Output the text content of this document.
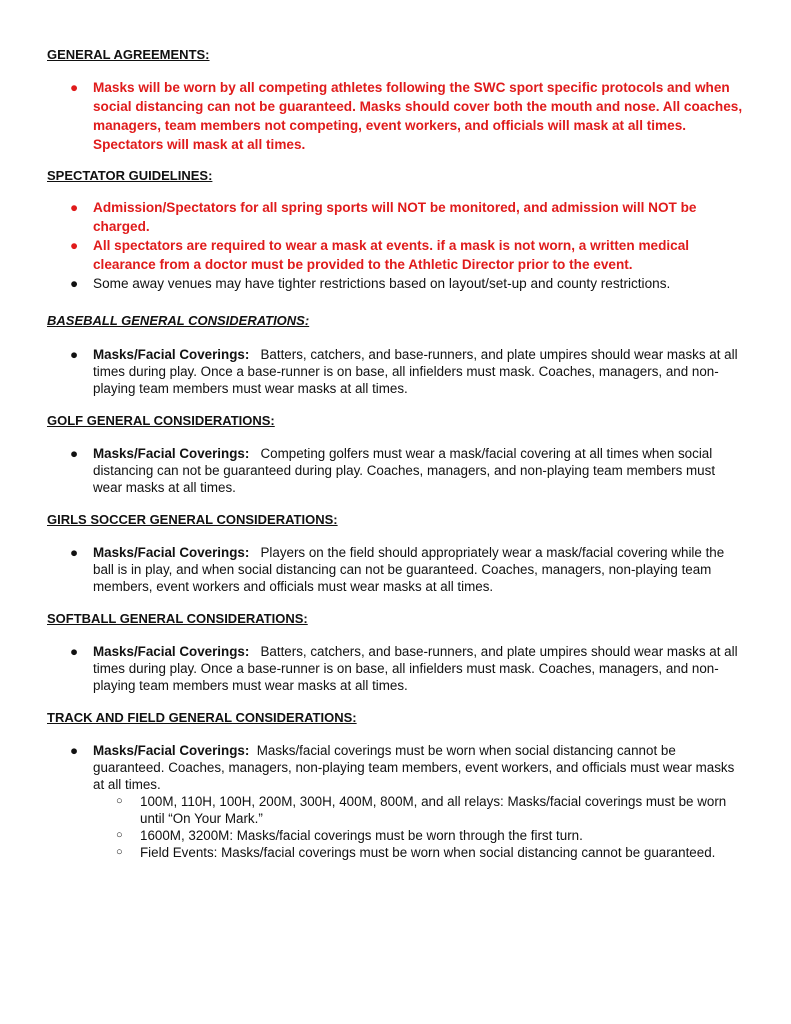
GENERAL AGREEMENTS:
● Masks will be worn by all competing athletes following the SWC sport specific protocols and when social distancing can not be guaranteed. Masks should cover both the mouth and nose. All coaches, managers, team members not competing, event workers, and officials will mask at all times. Spectators will mask at all times.
SPECTATOR GUIDELINES:
● Admission/Spectators for all spring sports will NOT be monitored, and admission will NOT be charged.
● All spectators are required to wear a mask at events. if a mask is not worn, a written medical clearance from a doctor must be provided to the Athletic Director prior to the event.
● Some away venues may have tighter restrictions based on layout/set-up and county restrictions.
BASEBALL GENERAL CONSIDERATIONS:
● Masks/Facial Coverings: Batters, catchers, and base-runners, and plate umpires should wear masks at all times during play. Once a base-runner is on base, all infielders must mask. Coaches, managers, and non-playing team members must wear masks at all times.
GOLF GENERAL CONSIDERATIONS:
● Masks/Facial Coverings: Competing golfers must wear a mask/facial covering at all times when social distancing can not be guaranteed during play. Coaches, managers, and non-playing team members must wear masks at all times.
GIRLS SOCCER GENERAL CONSIDERATIONS:
● Masks/Facial Coverings: Players on the field should appropriately wear a mask/facial covering while the ball is in play, and when social distancing can not be guaranteed. Coaches, managers, non-playing team members, event workers and officials must wear masks at all times.
SOFTBALL GENERAL CONSIDERATIONS:
● Masks/Facial Coverings: Batters, catchers, and base-runners, and plate umpires should wear masks at all times during play. Once a base-runner is on base, all infielders must mask. Coaches, managers, and non-playing team members must wear masks at all times.
TRACK AND FIELD GENERAL CONSIDERATIONS:
● Masks/Facial Coverings: Masks/facial coverings must be worn when social distancing cannot be guaranteed. Coaches, managers, non-playing team members, event workers, and officials must wear masks at all times.
○ 100M, 110H, 100H, 200M, 300H, 400M, 800M, and all relays: Masks/facial coverings must be worn until “On Your Mark.”
○ 1600M, 3200M: Masks/facial coverings must be worn through the first turn.
○ Field Events: Masks/facial coverings must be worn when social distancing cannot be guaranteed.
